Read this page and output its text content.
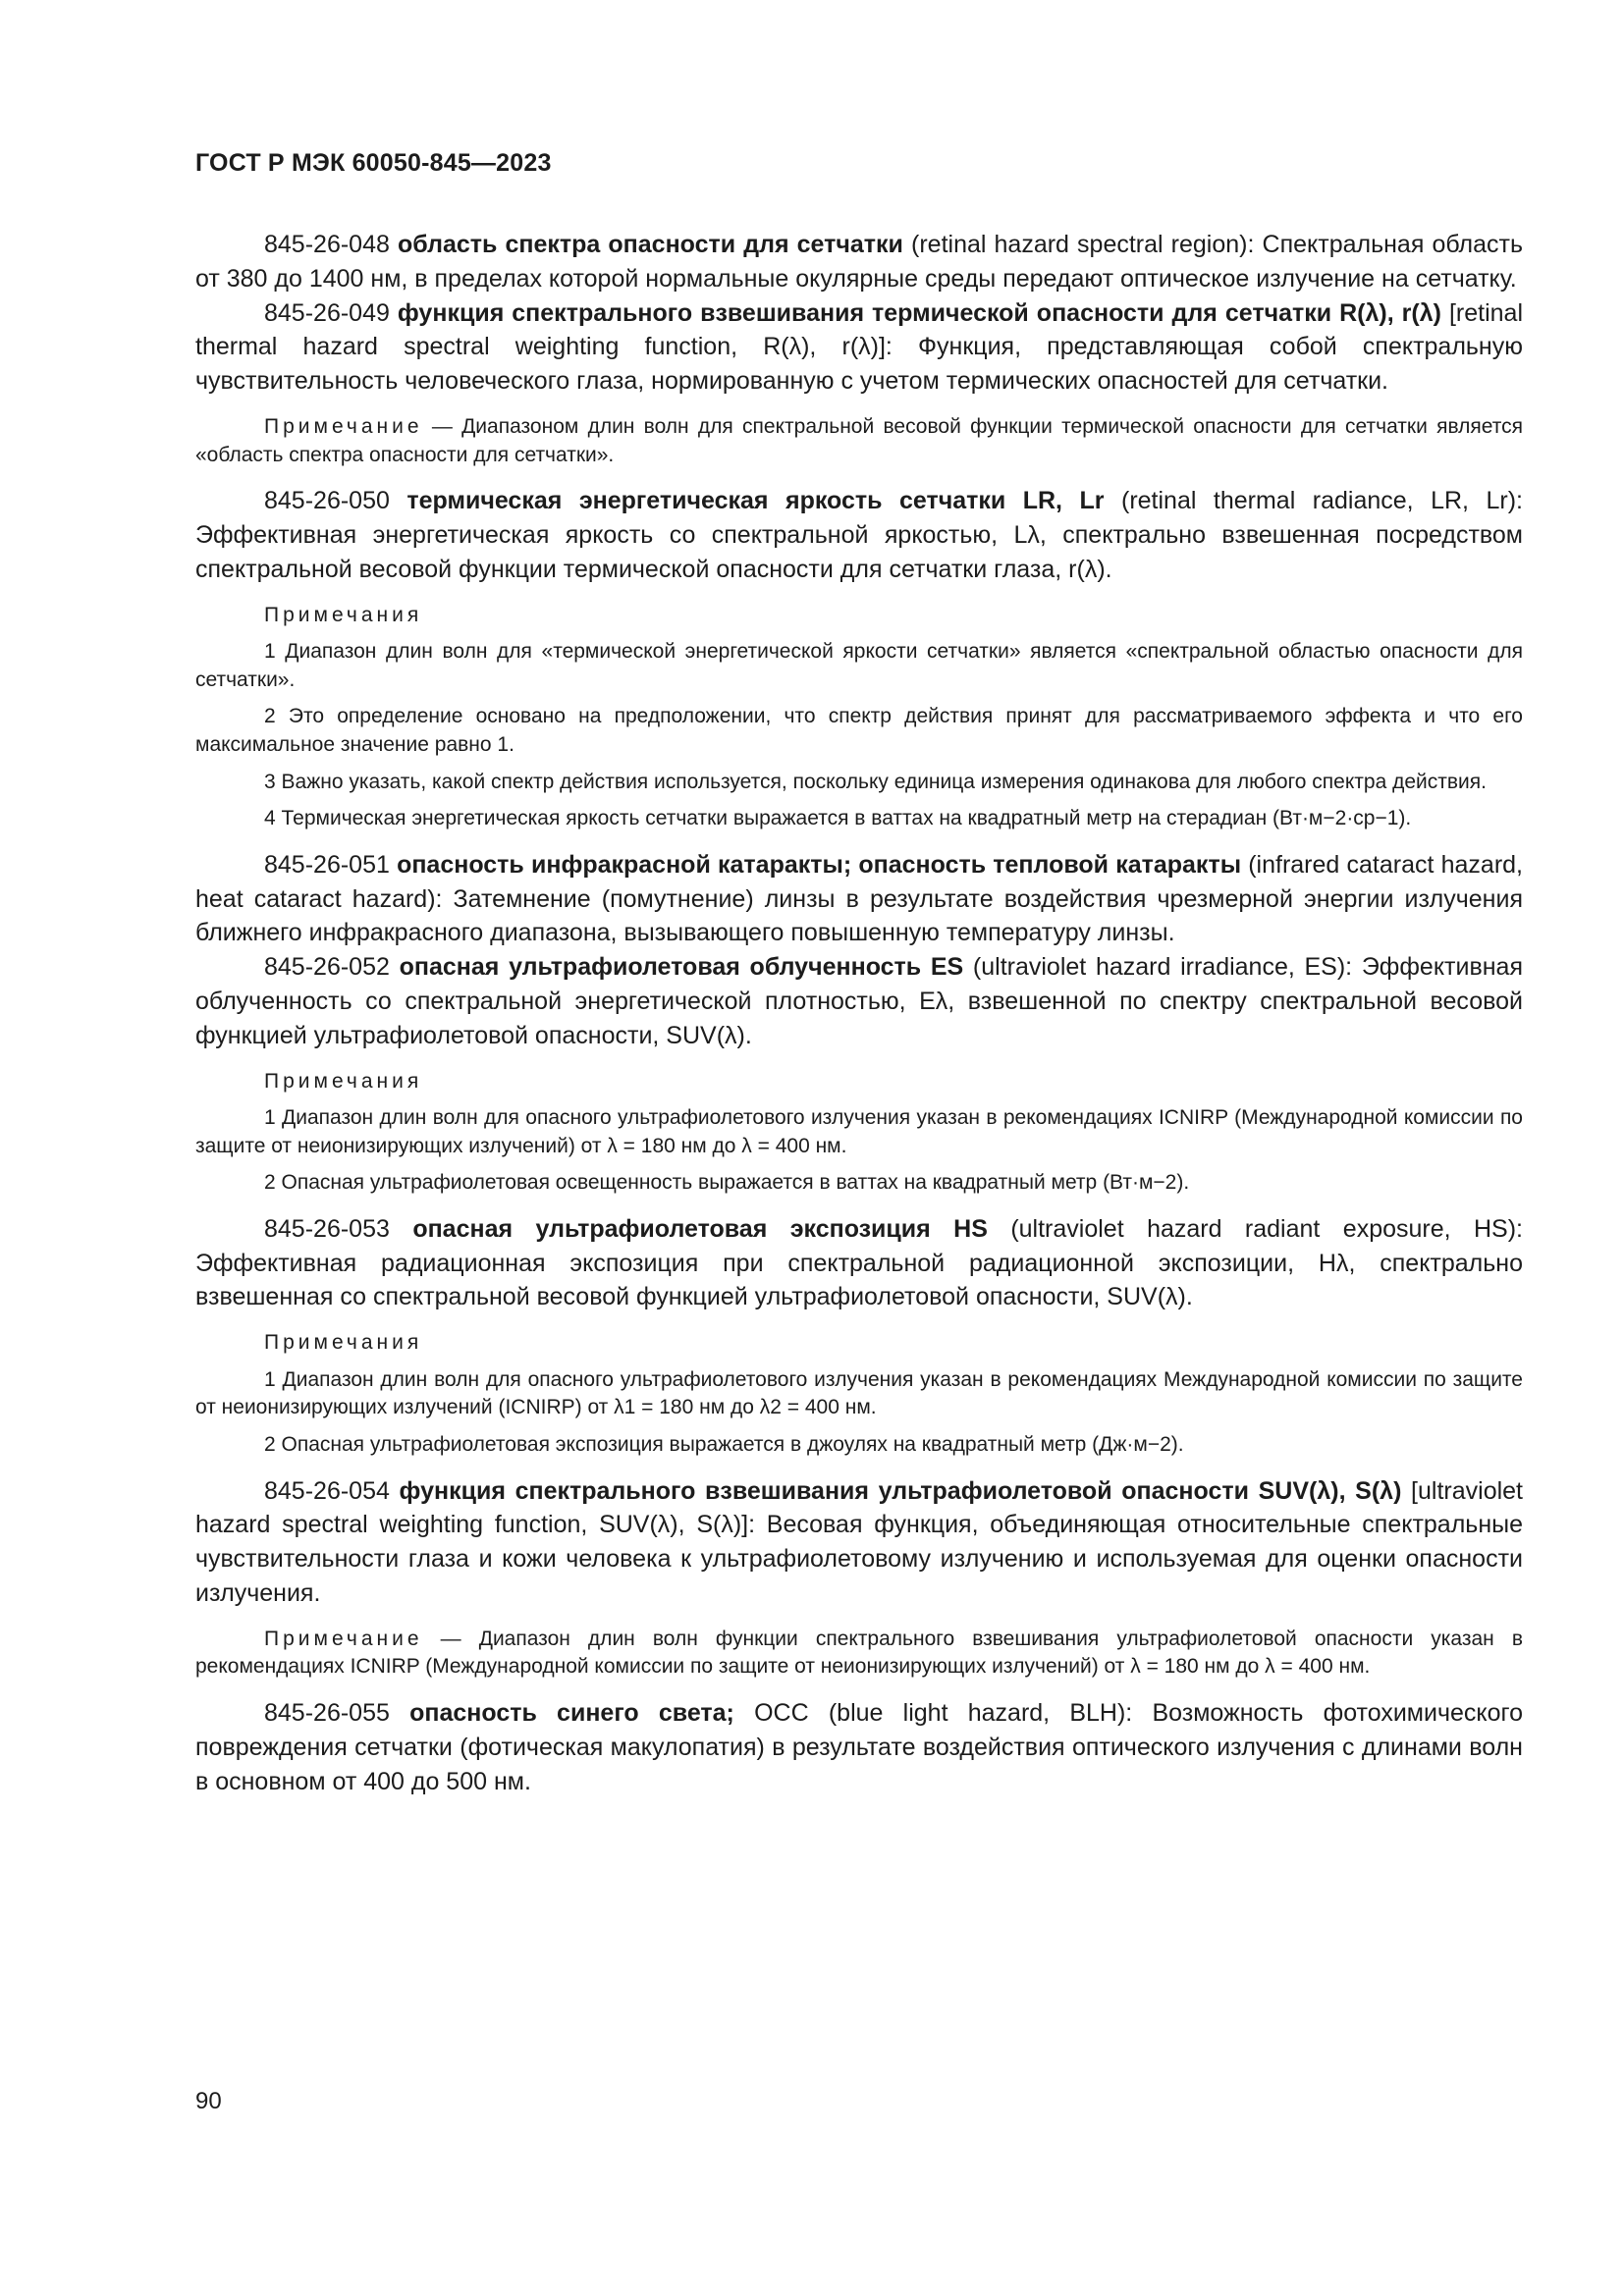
ГОСТ Р МЭК 60050-845—2023

845-26-048 область спектра опасности для сетчатки (retinal hazard spectral region): Спектральная область от 380 до 1400 нм, в пределах которой нормальные окулярные среды передают оптическое излучение на сетчатку.

845-26-049 функция спектрального взвешивания термической опасности для сетчатки R(λ), r(λ) [retinal thermal hazard spectral weighting function, R(λ), r(λ)]: Функция, представляющая собой спектральную чувствительность человеческого глаза, нормированную с учетом термических опасностей для сетчатки.

Примечание — Диапазоном длин волн для спектральной весовой функции термической опасности для сетчатки является «область спектра опасности для сетчатки».

845-26-050 термическая энергетическая яркость сетчатки LR, Lr (retinal thermal radiance, LR, Lr): Эффективная энергетическая яркость со спектральной яркостью, Lλ, спектрально взвешенная посредством спектральной весовой функции термической опасности для сетчатки глаза, r(λ).

Примечания

1 Диапазон длин волн для «термической энергетической яркости сетчатки» является «спектральной областью опасности для сетчатки».

2 Это определение основано на предположении, что спектр действия принят для рассматриваемого эффекта и что его максимальное значение равно 1.

3 Важно указать, какой спектр действия используется, поскольку единица измерения одинакова для любого спектра действия.

4 Термическая энергетическая яркость сетчатки выражается в ваттах на квадратный метр на стерадиан (Вт·м−2·ср−1).

845-26-051 опасность инфракрасной катаракты; опасность тепловой катаракты (infrared cataract hazard, heat cataract hazard): Затемнение (помутнение) линзы в результате воздействия чрезмерной энергии излучения ближнего инфракрасного диапазона, вызывающего повышенную температуру линзы.

845-26-052 опасная ультрафиолетовая облученность ES (ultraviolet hazard irradiance, ES): Эффективная облученность со спектральной энергетической плотностью, Eλ, взвешенной по спектру спектральной весовой функцией ультрафиолетовой опасности, SUV(λ).

Примечания

1 Диапазон длин волн для опасного ультрафиолетового излучения указан в рекомендациях ICNIRP (Международной комиссии по защите от неионизирующих излучений) от λ = 180 нм до λ = 400 нм.

2 Опасная ультрафиолетовая освещенность выражается в ваттах на квадратный метр (Вт·м−2).

845-26-053 опасная ультрафиолетовая экспозиция HS (ultraviolet hazard radiant exposure, HS): Эффективная радиационная экспозиция при спектральной радиационной экспозиции, Hλ, спектрально взвешенная со спектральной весовой функцией ультрафиолетовой опасности, SUV(λ).

Примечания

1 Диапазон длин волн для опасного ультрафиолетового излучения указан в рекомендациях Международной комиссии по защите от неионизирующих излучений (ICNIRP) от λ1 = 180 нм до λ2 = 400 нм.

2 Опасная ультрафиолетовая экспозиция выражается в джоулях на квадратный метр (Дж·м−2).

845-26-054 функция спектрального взвешивания ультрафиолетовой опасности SUV(λ), S(λ) [ultraviolet hazard spectral weighting function, SUV(λ), S(λ)]: Весовая функция, объединяющая относительные спектральные чувствительности глаза и кожи человека к ультрафиолетовому излучению и используемая для оценки опасности излучения.

Примечание — Диапазон длин волн функции спектрального взвешивания ультрафиолетовой опасности указан в рекомендациях ICNIRP (Международной комиссии по защите от неионизирующих излучений) от λ = 180 нм до λ = 400 нм.

845-26-055 опасность синего света; ОСС (blue light hazard, BLH): Возможность фотохимического повреждения сетчатки (фотическая макулопатия) в результате воздействия оптического излучения с длинами волн в основном от 400 до 500 нм.

90
